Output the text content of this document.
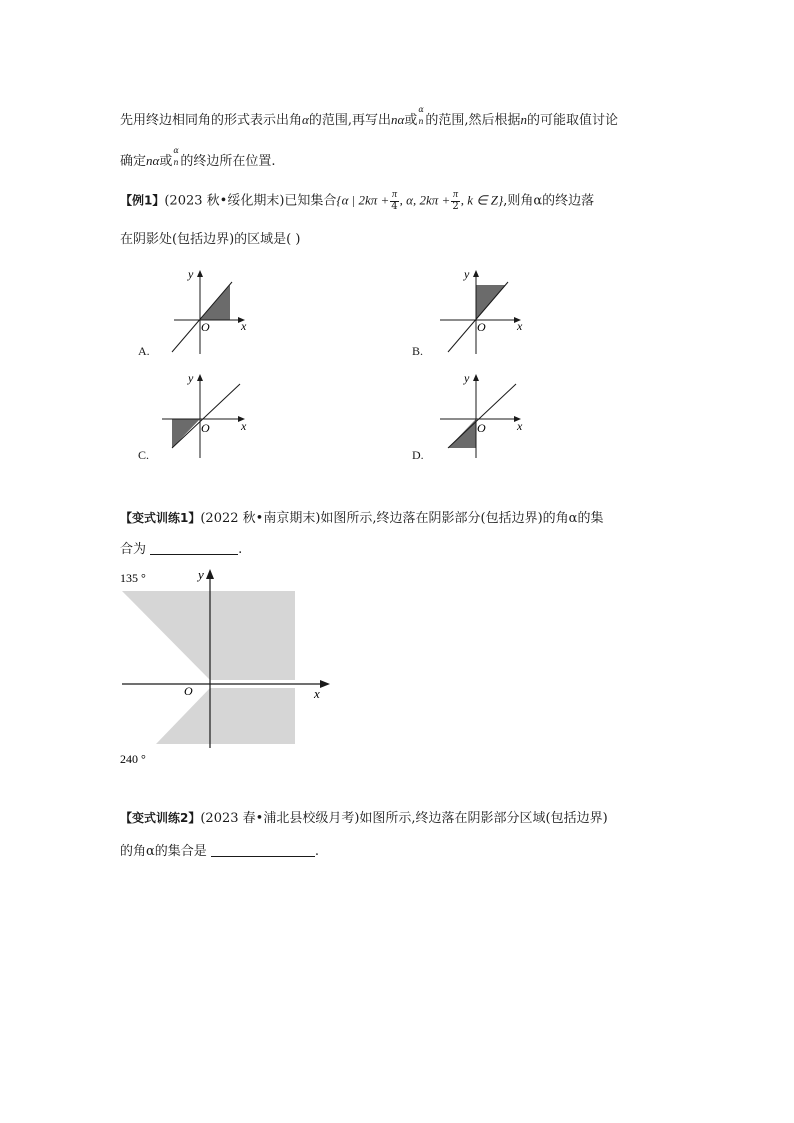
先用终边相同角的形式表示出角α的范围,再写出nα或
α
n 的范围,然后根据n的可能取值讨论
确定nα或
α
n 的终边所在位置.
【例1】(2023 秋•绥化期末)已知集合{α | $2k\pi + \frac{\pi}{4}$ , α, $2k\pi + \frac{\pi}{2}$ , k ∈ Z},则角α的终边落
在阴影处(包括边界)的区域是( )
y
x
O
A.
y
x
O
B.
y
x
O
C.
y
x
O
D.
【变式训练1】(2022 秋•南京期末)如图所示,终边落在阴影部分(包括边界)的角α的集
合为	.
y
x
O
135 °
240 °
【变式训练2】(2023 春•浦北县校级月考)如图所示,终边落在阴影部分区域(包括边界)
的角α的集合是	.
